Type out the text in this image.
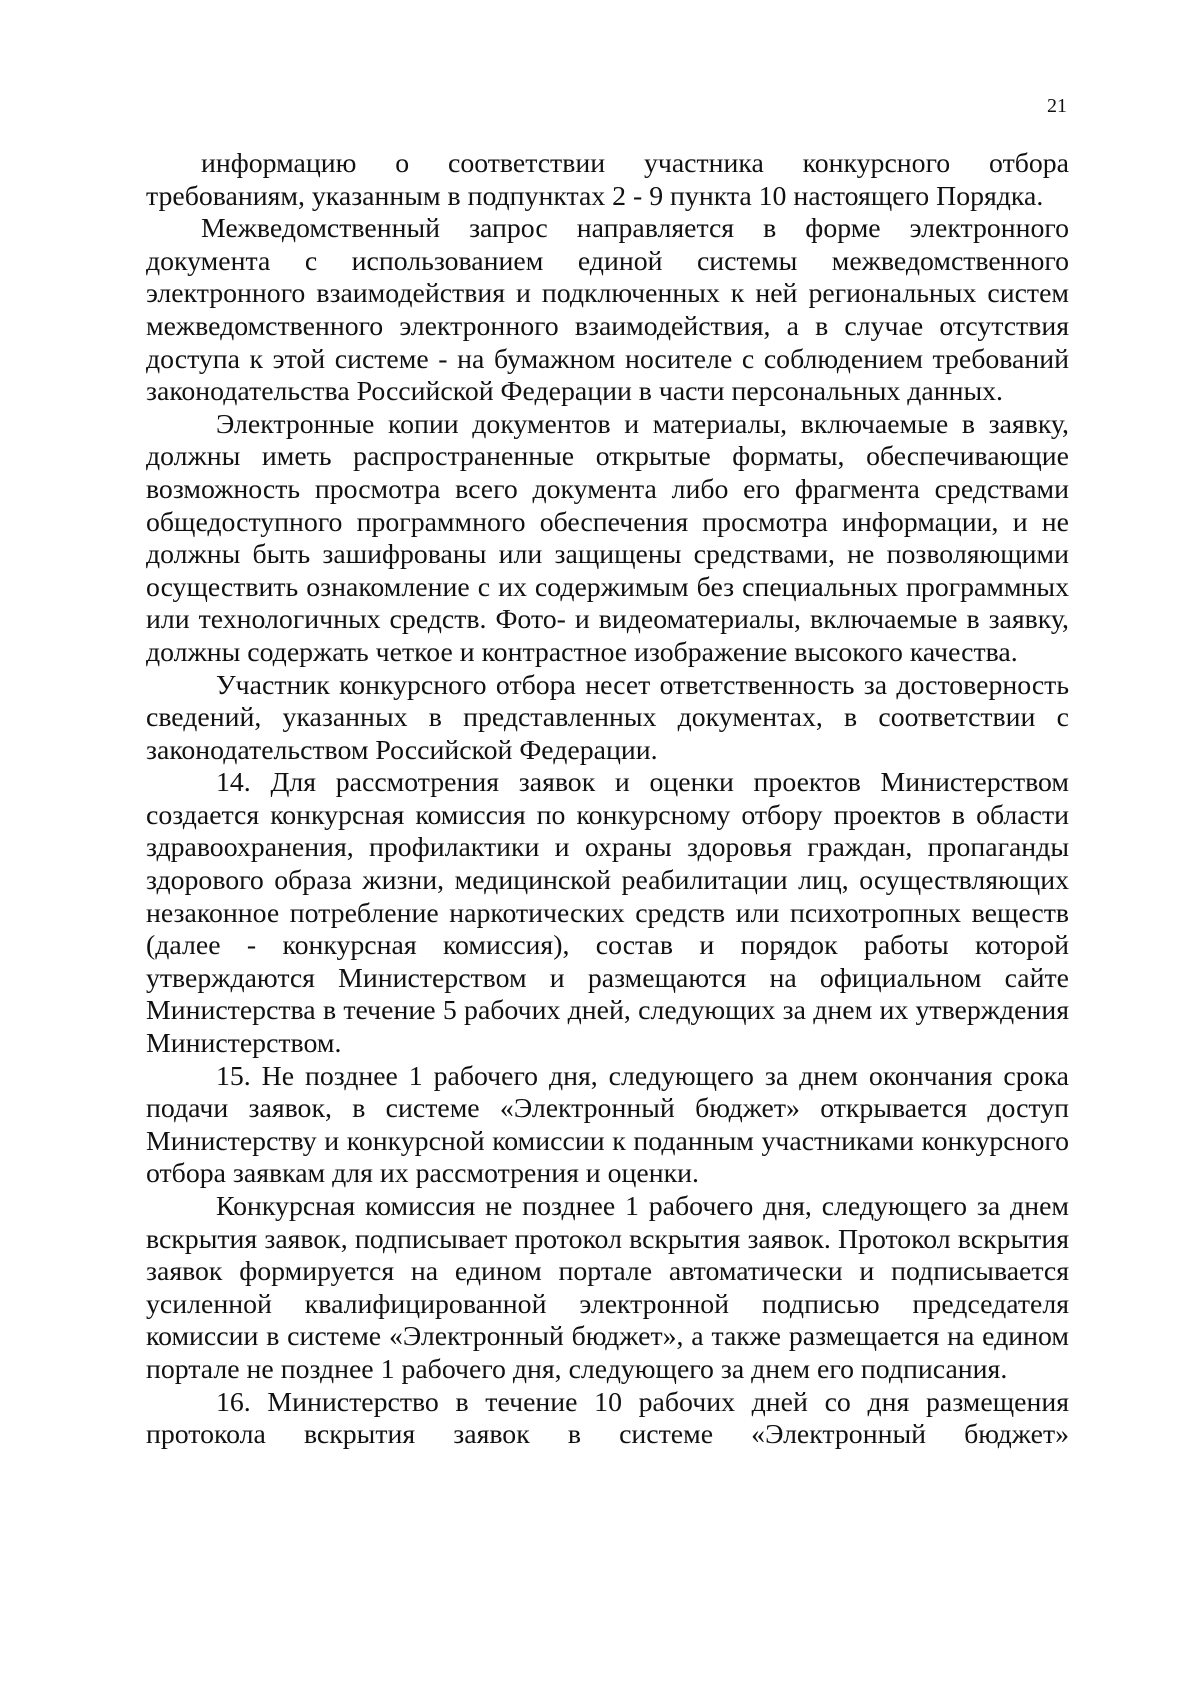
21

информацию о соответствии участника конкурсного отбора требованиям, указанным в подпунктах 2 - 9 пункта 10 настоящего Порядка.

Межведомственный запрос направляется в форме электронного документа с использованием единой системы межведомственного электронного взаимодействия и подключенных к ней региональных систем межведомственного электронного взаимодействия, а в случае отсутствия доступа к этой системе - на бумажном носителе с соблюдением требований законодательства Российской Федерации в части персональных данных.

Электронные копии документов и материалы, включаемые в заявку, должны иметь распространенные открытые форматы, обеспечивающие возможность просмотра всего документа либо его фрагмента средствами общедоступного программного обеспечения просмотра информации, и не должны быть зашифрованы или защищены средствами, не позволяющими осуществить ознакомление с их содержимым без специальных программных или технологичных средств. Фото- и видеоматериалы, включаемые в заявку, должны содержать четкое и контрастное изображение высокого качества.

Участник конкурсного отбора несет ответственность за достоверность сведений, указанных в представленных документах, в соответствии с законодательством Российской Федерации.

14. Для рассмотрения заявок и оценки проектов Министерством создается конкурсная комиссия по конкурсному отбору проектов в области здравоохранения, профилактики и охраны здоровья граждан, пропаганды здорового образа жизни, медицинской реабилитации лиц, осуществляющих незаконное потребление наркотических средств или психотропных веществ (далее - конкурсная комиссия), состав и порядок работы которой утверждаются Министерством и размещаются на официальном сайте Министерства в течение 5 рабочих дней, следующих за днем их утверждения Министерством.

15. Не позднее 1 рабочего дня, следующего за днем окончания срока подачи заявок, в системе «Электронный бюджет» открывается доступ Министерству и конкурсной комиссии к поданным участниками конкурсного отбора заявкам для их рассмотрения и оценки.

Конкурсная комиссия не позднее 1 рабочего дня, следующего за днем вскрытия заявок, подписывает протокол вскрытия заявок. Протокол вскрытия заявок формируется на едином портале автоматически и подписывается усиленной квалифицированной электронной подписью председателя комиссии в системе «Электронный бюджет», а также размещается на едином портале не позднее 1 рабочего дня, следующего за днем его подписания.

16. Министерство в течение 10 рабочих дней со дня размещения протокола вскрытия заявок в системе «Электронный бюджет»
